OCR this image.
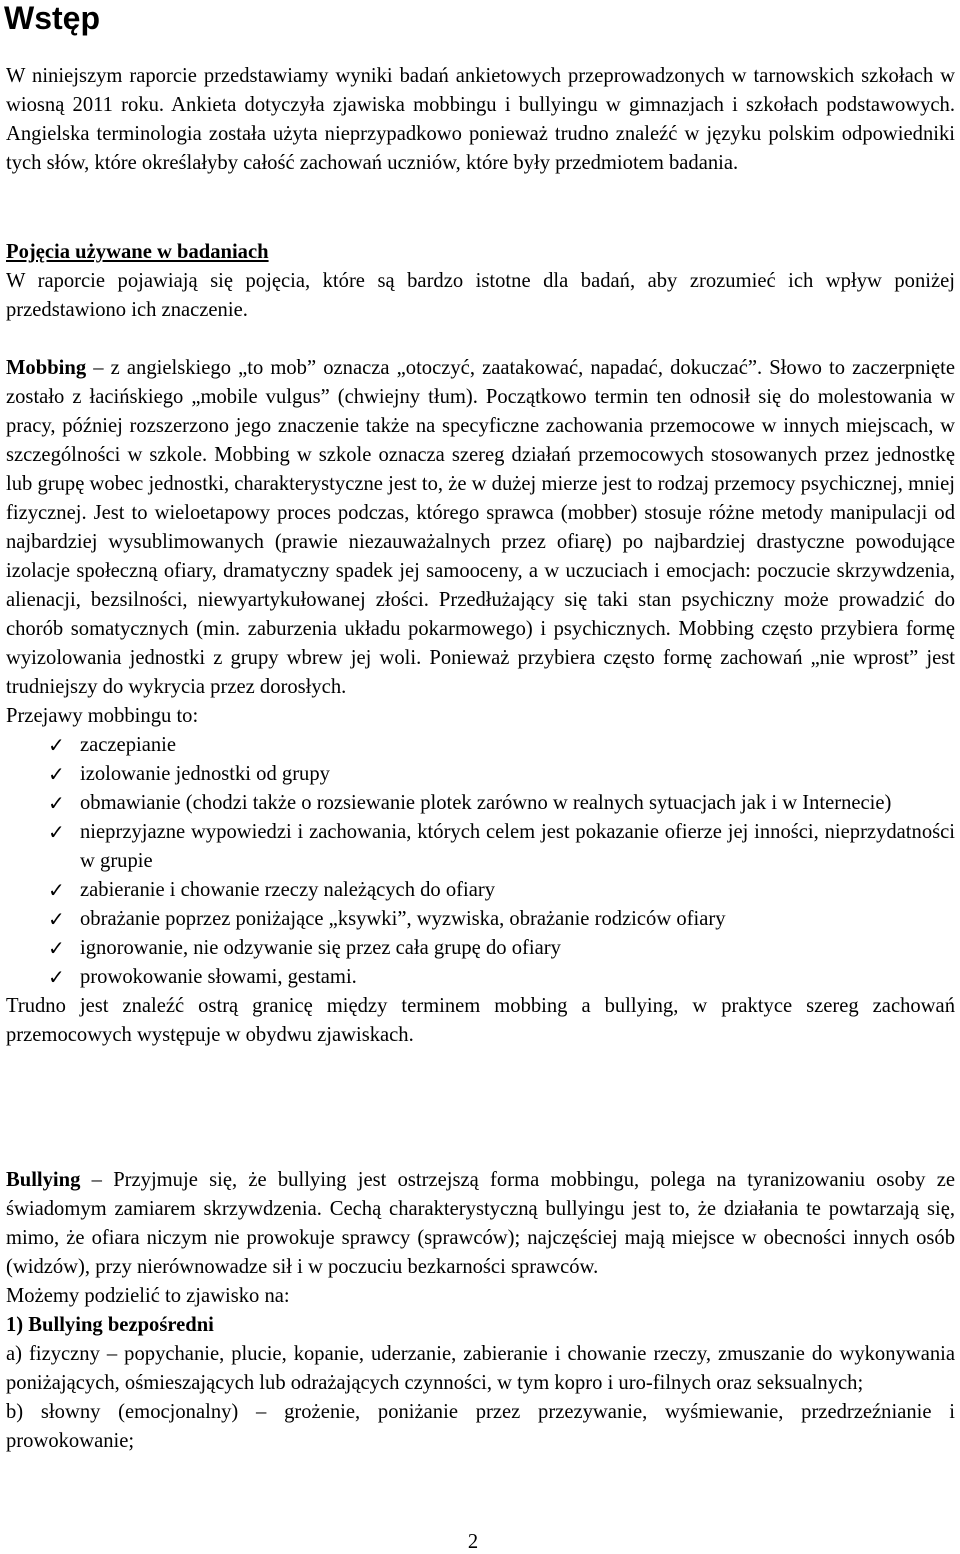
Wstęp

W niniejszym raporcie przedstawiamy wyniki badań ankietowych przeprowadzonych w tarnowskich szkołach w wiosną 2011 roku. Ankieta dotyczyła zjawiska mobbingu i bullyingu w gimnazjach i szkołach podstawowych. Angielska terminologia została użyta nieprzypadkowo ponieważ trudno znaleźć w języku polskim odpowiedniki tych słów, które określałyby całość zachowań uczniów, które były przedmiotem badania.

Pojęcia używane w badaniach
W raporcie pojawiają się pojęcia, które są bardzo istotne dla badań, aby zrozumieć ich wpływ poniżej przedstawiono ich znaczenie.
Mobbing – z angielskiego „to mob” oznacza „otoczyć, zaatakować, napadać, dokuczać”. Słowo to zaczerpnięte zostało z łacińskiego „mobile vulgus” (chwiejny tłum). Początkowo termin ten odnosił się do molestowania w pracy, później rozszerzono jego znaczenie także na specyficzne zachowania przemocowe w innych miejscach, w szczególności w szkole. Mobbing w szkole oznacza szereg działań przemocowych stosowanych przez jednostkę lub grupę wobec jednostki, charakterystyczne jest to, że w dużej mierze jest to rodzaj przemocy psychicznej, mniej fizycznej. Jest to wieloetapowy proces podczas, którego sprawca (mobber) stosuje różne metody manipulacji od najbardziej wysublimowanych (prawie niezauważalnych przez ofiarę) po najbardziej drastyczne powodujące izolacje społeczną ofiary, dramatyczny spadek jej samooceny, a w uczuciach i emocjach: poczucie skrzywdzenia, alienacji, bezsilności, niewyartykułowanej złości. Przedłużający się taki stan psychiczny może prowadzić do chorób somatycznych (min. zaburzenia układu pokarmowego) i psychicznych. Mobbing często przybiera formę wyizolowania jednostki z grupy wbrew jej woli. Ponieważ przybiera często formę zachowań „nie wprost” jest trudniejszy do wykrycia przez dorosłych.
Przejawy mobbingu to:
✓ zaczepianie
✓ izolowanie jednostki od grupy
✓ obmawianie (chodzi także o rozsiewanie plotek zarówno w realnych sytuacjach jak i w Internecie)
✓ nieprzyjazne wypowiedzi i zachowania, których celem jest pokazanie ofierze jej inności, nieprzydatności w grupie
✓ zabieranie i chowanie rzeczy należących do ofiary
✓ obrażanie poprzez poniżające „ksywki”, wyzwiska, obrażanie rodziców ofiary
✓ ignorowanie, nie odzywanie się przez cała grupę do ofiary
✓ prowokowanie słowami, gestami.
Trudno jest znaleźć ostrą granicę między terminem mobbing a bullying, w praktyce szereg zachowań przemocowych występuje w obydwu zjawiskach.
Bullying – Przyjmuje się, że bullying jest ostrzejszą forma mobbingu, polega na tyranizowaniu osoby ze świadomym zamiarem skrzywdzenia. Cechą charakterystyczną bullyingu jest to, że działania te powtarzają się, mimo, że ofiara niczym nie prowokuje sprawcy (sprawców); najczęściej mają miejsce w obecności innych osób (widzów), przy nierównowadze sił i w poczuciu bezkarności sprawców.
Możemy podzielić to zjawisko na:
1) Bullying bezpośredni
a) fizyczny – popychanie, plucie, kopanie, uderzanie, zabieranie i chowanie rzeczy, zmuszanie do wykonywania poniżających, ośmieszających lub odrażających czynności, w tym kopro i uro-filnych oraz seksualnych;
b) słowny (emocjonalny) – grożenie, poniżanie przez przezywanie, wyśmiewanie, przedrzeźnianie i prowokowanie;
2
